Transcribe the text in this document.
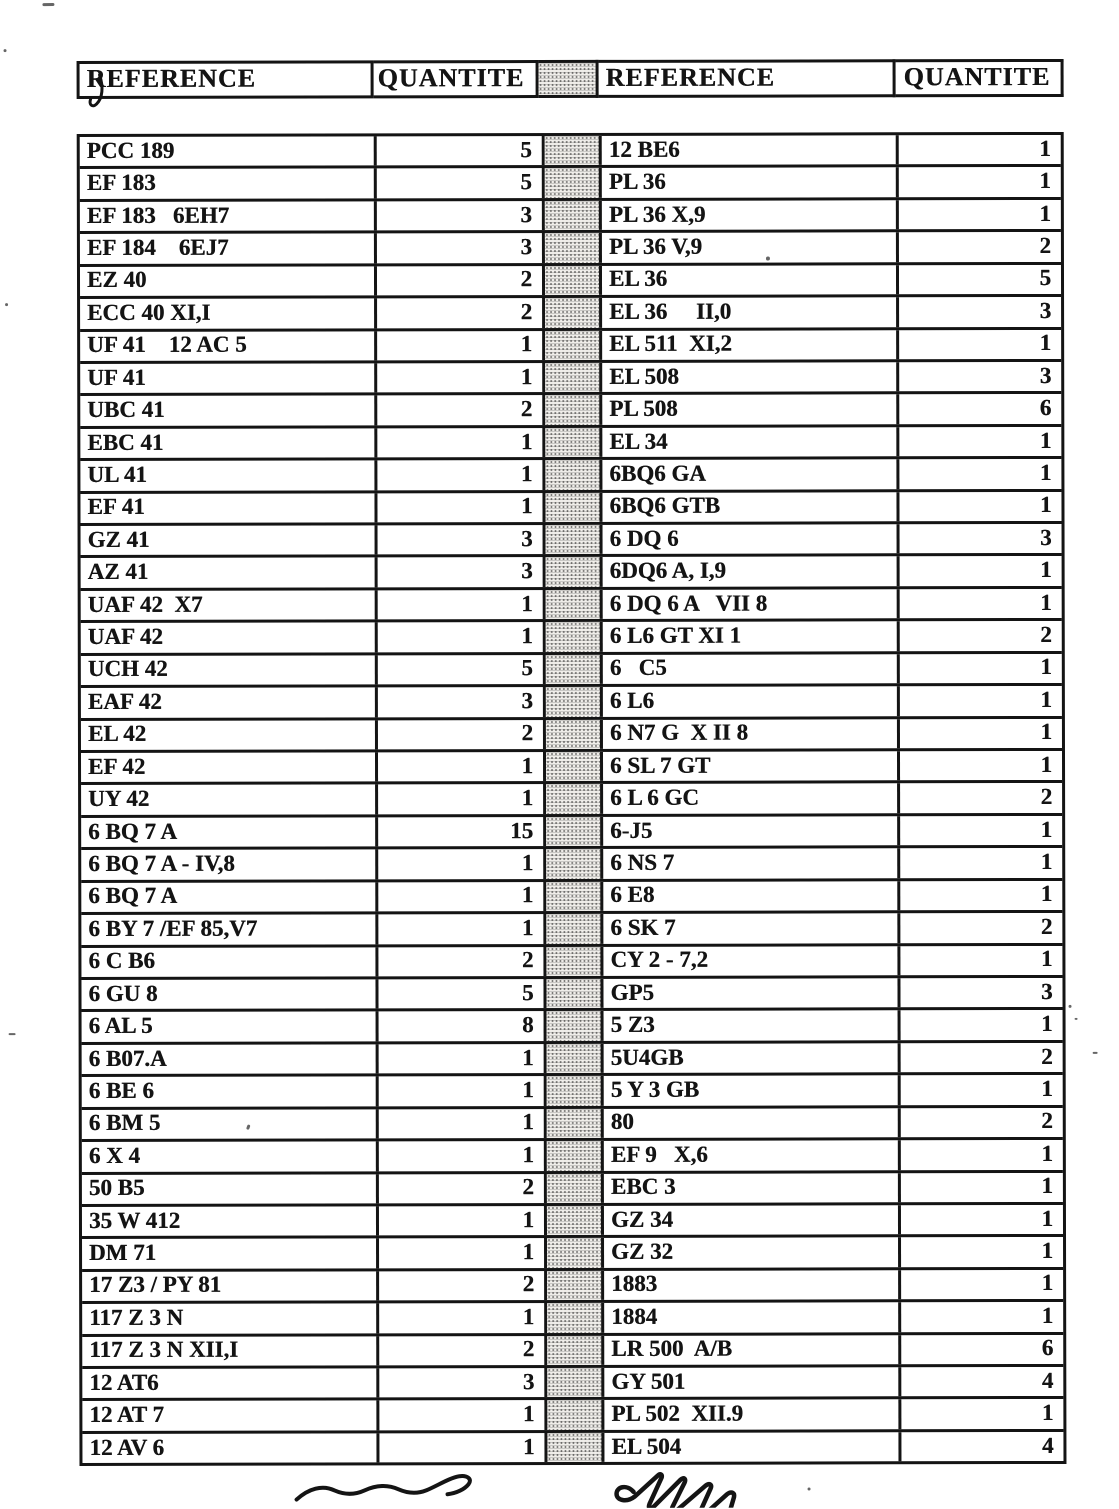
REFERENCE	QUANTITE	REFERENCE	QUANTITE
PCC 189	5	12 BE6	1
EF 183	5	PL 36	1
EF 183   6EH7	3	PL 36 X,9	1
EF 184    6EJ7	3	PL 36 V,9	2
EZ 40	2	EL 36	5
ECC 40 XI,I	2	EL 36     II,0	3
UF 41    12 AC 5	1	EL 511  XI,2	1
UF 41	1	EL 508	3
UBC 41	2	PL 508	6
EBC 41	1	EL 34	1
UL 41	1	6BQ6 GA	1
EF 41	1	6BQ6 GTB	1
GZ 41	3	6 DQ 6	3
AZ 41	3	6DQ6 A, I,9	1
UAF 42  X7	1	6 DQ 6 A   VII 8	1
UAF 42	1	6 L6 GT XI 1	2
UCH 42	5	6   C5	1
EAF 42	3	6 L6	1
EL 42	2	6 N7 G  X II 8	1
EF 42	1	6 SL 7 GT	1
UY 42	1	6 L 6 GC	2
6 BQ 7 A	15	6-J5	1
6 BQ 7 A - IV,8	1	6 NS 7	1
6 BQ 7 A	1	6 E8	1
6 BY 7 /EF 85,V7	1	6 SK 7	2
6 C B6	2	CY 2 - 7,2	1
6 GU 8	5	GP5	3
6 AL 5	8	5 Z3	1
6 B07.A	1	5U4GB	2
6 BE 6	1	5 Y 3 GB	1
6 BM 5	1	80	2
6 X 4	1	EF 9   X,6	1
50 B5	2	EBC 3	1
35 W 412	1	GZ 34	1
DM 71	1	GZ 32	1
17 Z3 / PY 81	2	1883	1
117 Z 3 N	1	1884	1
117 Z 3 N XII,I	2	LR 500  A/B	6
12 AT6	3	GY 501	4
12 AT 7	1	PL 502  XII.9	1
12 AV 6	1	EL 504	4
